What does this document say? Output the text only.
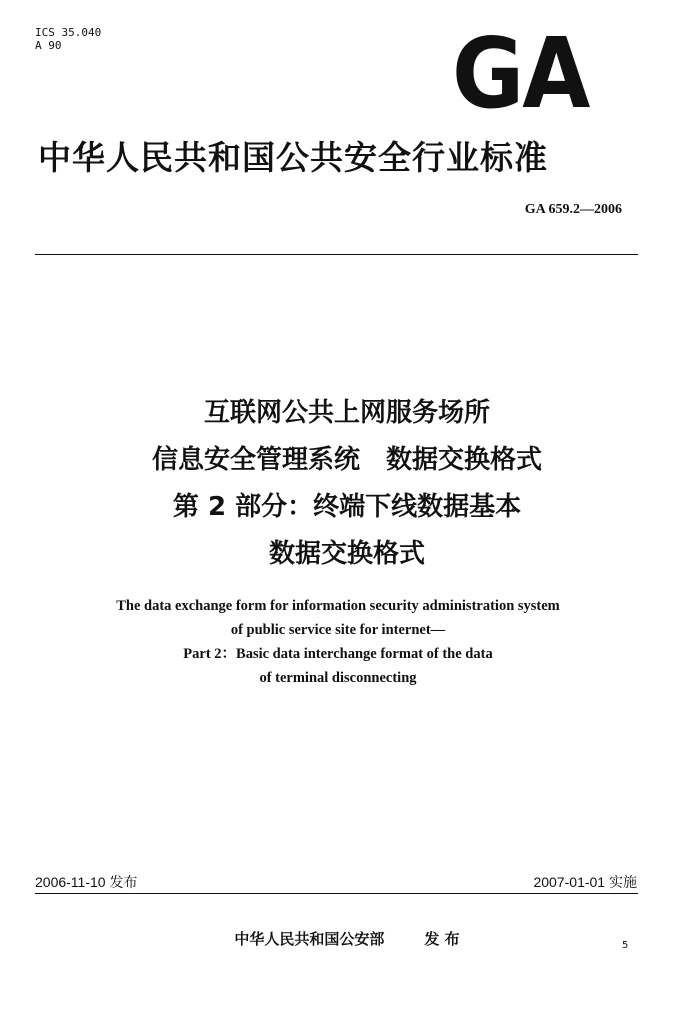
ICS 35.040
A 90	GA
中华人民共和国公共安全行业标准
GA 659.2—2006
互联网公共上网服务场所
信息安全管理系统　数据交换格式
第 2 部分：终端下线数据基本
数据交换格式
The data exchange form for information security administration system
of public service site for internet—
Part 2：Basic data interchange format of the data
of terminal disconnecting
2006-11-10 发布	2007-01-01 实施
中华人民共和国公安部	发 布	5
